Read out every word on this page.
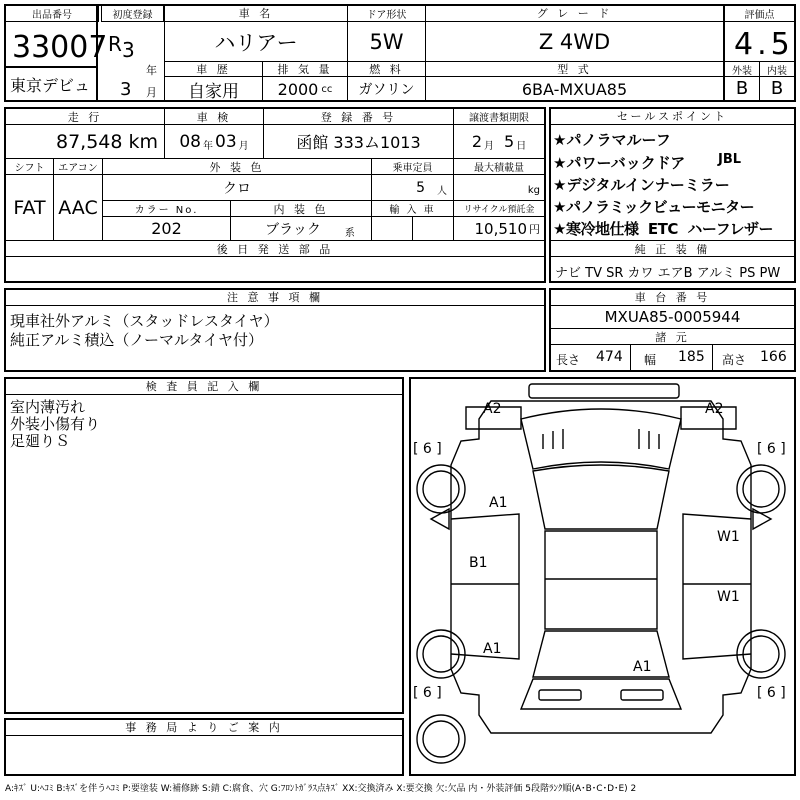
出品番号
33007
東京デビュ
初度登録
R 3
年
3 月
車 名
ハリアー
ドア形状
5W
グ レ ー ド
Z 4WD
車 歴
自家用
排 気 量
2000 cc
燃 料
ガソリン
型 式
6BA-MXUA85
評価点
4.5
外装	内装
B	B
走 行
87,548 km
車 検
08 年 03 月
登 録 番 号
函館 333ム1013
譲渡書類期限
2 月 5 日
シフト
FAT
エアコン
AAC
外 装 色
クロ
乗車定員
5 人
最大積載量
kg
カラー No.
202
内 装 色
ブラック 系
輸 入 車	リサイクル預託金
10,510 円
後 日 発 送 部 品
セールスポイント
★パノラマルーフ
★パワーバックドア	JBL
★デジタルインナーミラー
★パノラミックビューモニター
★寒冷地仕様  ETC  ハーフレザー
純 正 装 備
ナビ TV SR カワ エアB アルミ PS PW
注 意 事 項 欄
現車社外アルミ（スタッドレスタイヤ）
純正アルミ積込（ノーマルタイヤ付）
車 台 番 号
MXUA85-0005944
諸 元
長さ 474 幅 185 高さ 166
検 査 員 記 入 欄
室内薄汚れ
外装小傷有り
足廻りＳ
事 務 局 よ り ご 案 内
A2	A2
A1
B1
W1
W1
A1
A1
[ 6 ]	[ 6 ]
[ 6 ]	[ 6 ]
A:ｷｽﾞ U:ﾍｺﾐ B:ｷｽﾞを伴うﾍｺﾐ P:要塗装 W:補修跡 S:錆 C:腐食、穴 G:ﾌﾛﾝﾄｶﾞﾗｽ点ｷｽﾞ XX:交換済み X:要交換 欠:欠品 内・外装評価 5段階ﾗﾝｸ順(A･B･C･D･E) 2
